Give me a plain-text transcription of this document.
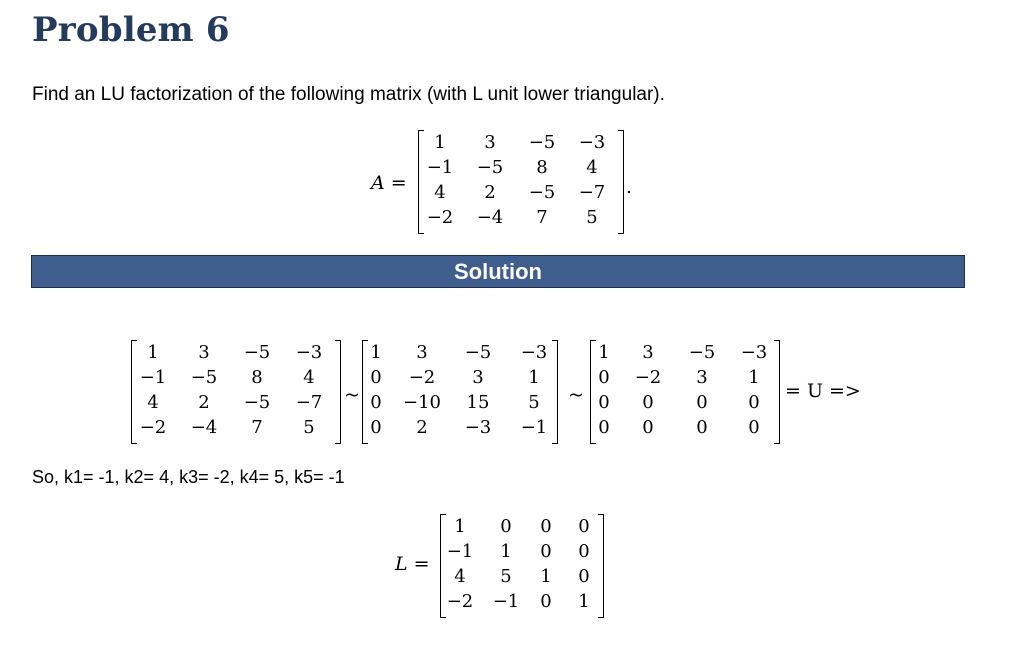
Problem 6
Find an LU factorization of the following matrix (with L unit lower triangular).
A =
1	3	−5	−3
−1	−5	8	4
4	2	−5	−7
−2	−4	7	5
.
Solution
1	3	−5	−3
−1	−5	8	4
4	2	−5	−7
−2	−4	7	5
~
1	3	−5	−3
0	−2	3	1
0	−10	15	5
0	2	−3	−1
~
1	3	−5	−3
0	−2	3	1
0	0	0	0
0	0	0	0
= U =>
So, k1= -1, k2= 4, k3= -2, k4= 5, k5= -1
L =
1	0	0	0
−1	1	0	0
4	5	1	0
−2	−1	0	1
